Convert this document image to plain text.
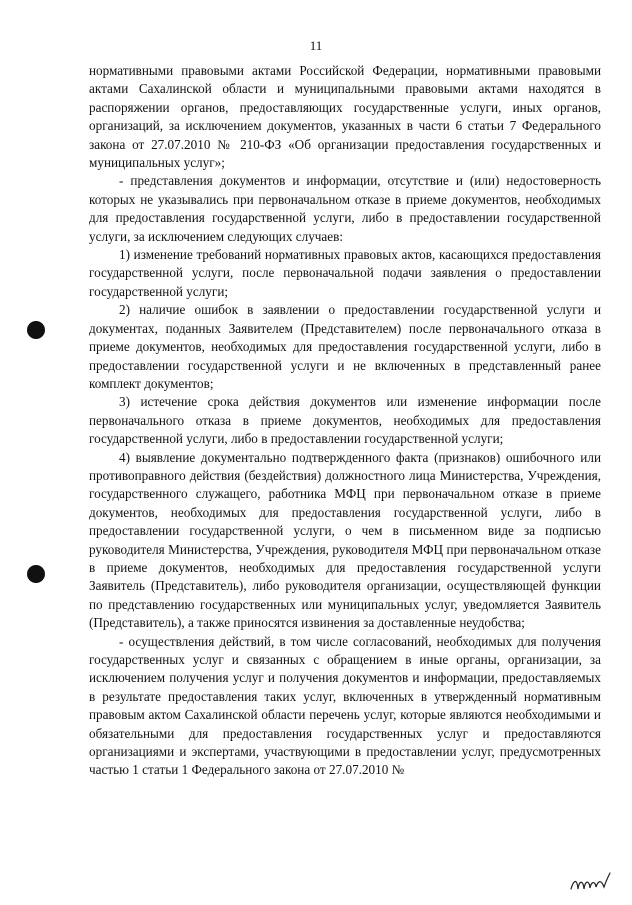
11

нормативными правовыми актами Российской Федерации, нормативными правовыми актами Сахалинской области и муниципальными правовыми актами находятся в распоряжении органов, предоставляющих государственные услуги, иных органов, организаций, за исключением документов, указанных в части 6 статьи 7 Федерального закона от 27.07.2010 № 210-ФЗ «Об организации предоставления государственных и муниципальных услуг»;

- представления документов и информации, отсутствие и (или) недостоверность которых не указывались при первоначальном отказе в приеме документов, необходимых для предоставления государственной услуги, либо в предоставлении государственной услуги, за исключением следующих случаев:

1) изменение требований нормативных правовых актов, касающихся предоставления государственной услуги, после первоначальной подачи заявления о предоставлении государственной услуги;

2) наличие ошибок в заявлении о предоставлении государственной услуги и документах, поданных Заявителем (Представителем) после первоначального отказа в приеме документов, необходимых для предоставления государственной услуги, либо в предоставлении государственной услуги и не включенных в представленный ранее комплект документов;

3) истечение срока действия документов или изменение информации после первоначального отказа в приеме документов, необходимых для предоставления государственной услуги, либо в предоставлении государственной услуги;

4) выявление документально подтвержденного факта (признаков) ошибочного или противоправного действия (бездействия) должностного лица Министерства, Учреждения, государственного служащего, работника МФЦ при первоначальном отказе в приеме документов, необходимых для предоставления государственной услуги, либо в предоставлении государственной услуги, о чем в письменном виде за подписью руководителя Министерства, Учреждения, руководителя МФЦ при первоначальном отказе в приеме документов, необходимых для предоставления государственной услуги Заявитель (Представитель), либо руководителя организации, осуществляющей функции по представлению государственных или муниципальных услуг, уведомляется Заявитель (Представитель), а также приносятся извинения за доставленные неудобства;

- осуществления действий, в том числе согласований, необходимых для получения государственных услуг и связанных с обращением в иные органы, организации, за исключением получения услуг и получения документов и информации, предоставляемых в результате предоставления таких услуг, включенных в утвержденный нормативным правовым актом Сахалинской области перечень услуг, которые являются необходимыми и обязательными для предоставления государственных услуг и предоставляются организациями и экспертами, участвующими в предоставлении услуг, предусмотренных частью 1 статьи 1 Федерального закона от 27.07.2010 №
